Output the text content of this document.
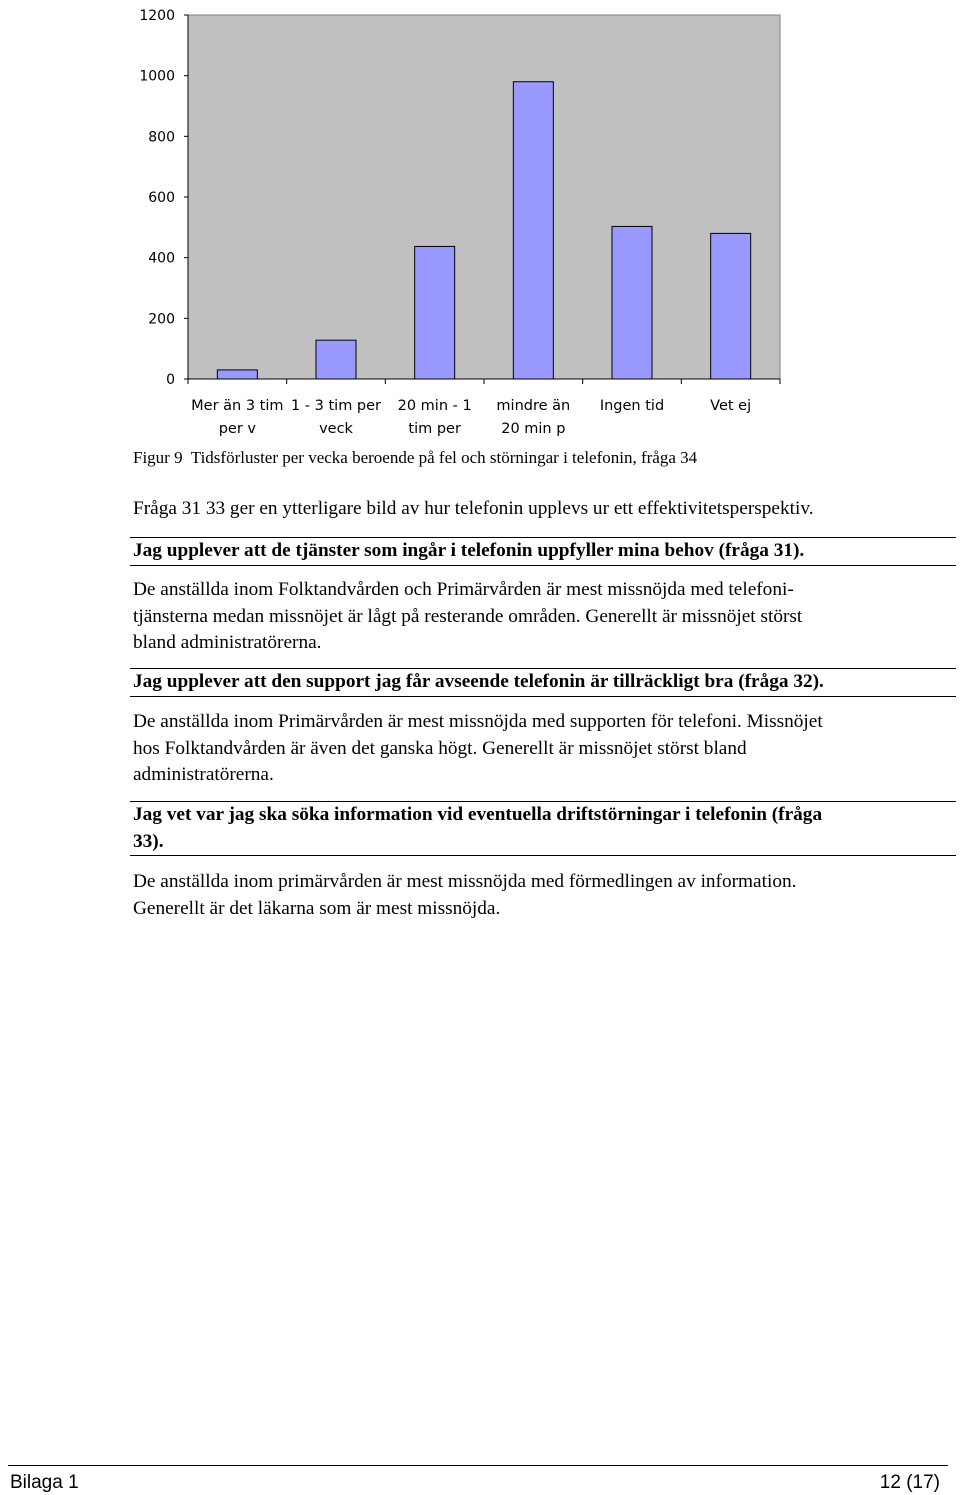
0
200
400
600
800
1000
1200
Mer än 3 tim
per v
1 - 3 tim per
veck
20 min - 1
tim per
mindre än
20 min p
Ingen tid	Vet ej
Figur 9  Tidsförluster per vecka beroende på fel och störningar i telefonin, fråga 34
Fråga 31 33 ger en ytterligare bild av hur telefonin upplevs ur ett effektivitetsperspektiv.
Jag upplever att de tjänster som ingår i telefonin uppfyller mina behov (fråga 31).
De anställda inom Folktandvården och Primärvården är mest missnöjda med telefoni-
tjänsterna medan missnöjet är lågt på resterande områden. Generellt är missnöjet störst
bland administratörerna.
Jag upplever att den support jag får avseende telefonin är tillräckligt bra (fråga 32).
De anställda inom Primärvården är mest missnöjda med supporten för telefoni. Missnöjet
hos Folktandvården är även det ganska högt. Generellt är missnöjet störst bland
administratörerna.
Jag vet var jag ska söka information vid eventuella driftstörningar i telefonin (fråga
33).
De anställda inom primärvården är mest missnöjda med förmedlingen av information.
Generellt är det läkarna som är mest missnöjda.
Bilaga 1	12 (17)
